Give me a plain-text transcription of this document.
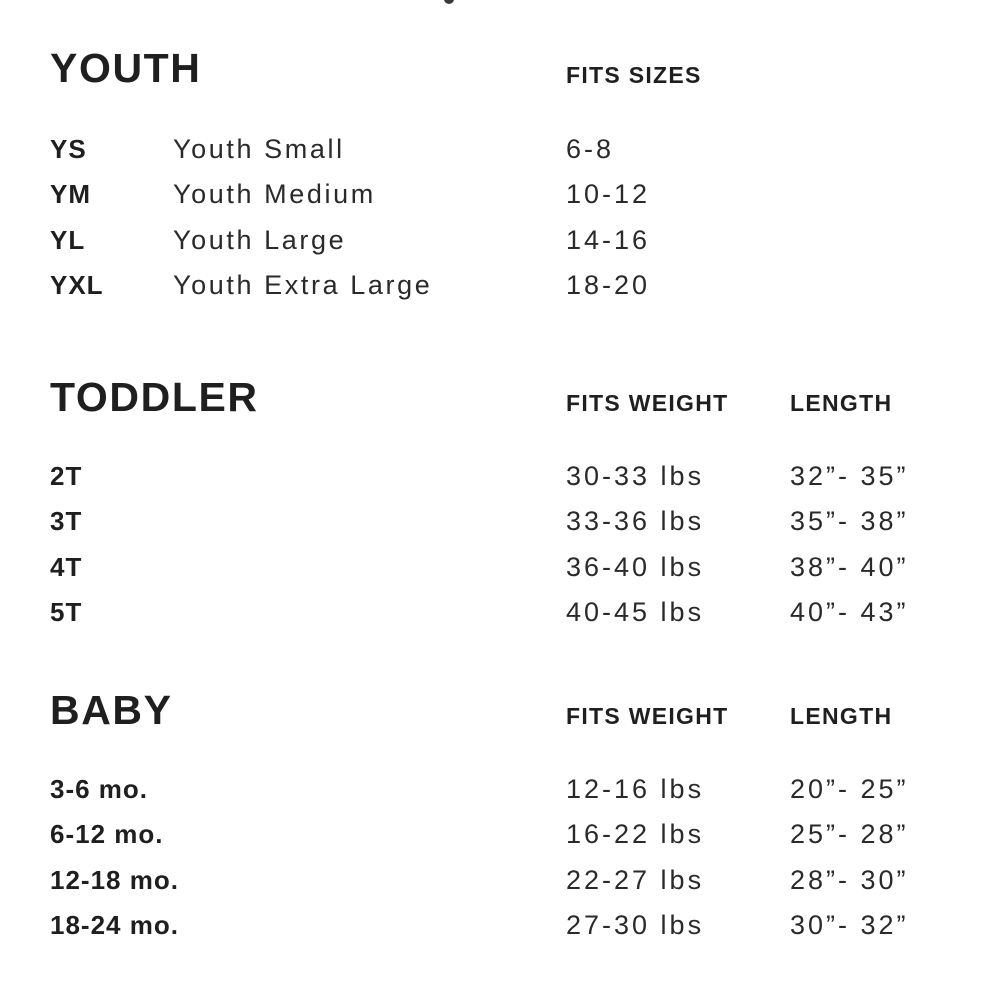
YOUTH	FITS SIZES
YS	Youth Small	6-8
YM	Youth Medium	10-12
YL	Youth Large	14-16
YXL	Youth Extra Large	18-20
TODDLER	FITS WEIGHT	LENGTH
2T	30-33 lbs	32”- 35”
3T	33-36 lbs	35”- 38”
4T	36-40 lbs	38”- 40”
5T	40-45 lbs	40”- 43”
BABY	FITS WEIGHT	LENGTH
3-6 mo.	12-16 lbs	20”- 25”
6-12 mo.	16-22 lbs	25”- 28”
12-18 mo.	22-27 lbs	28”- 30”
18-24 mo.	27-30 lbs	30”- 32”
